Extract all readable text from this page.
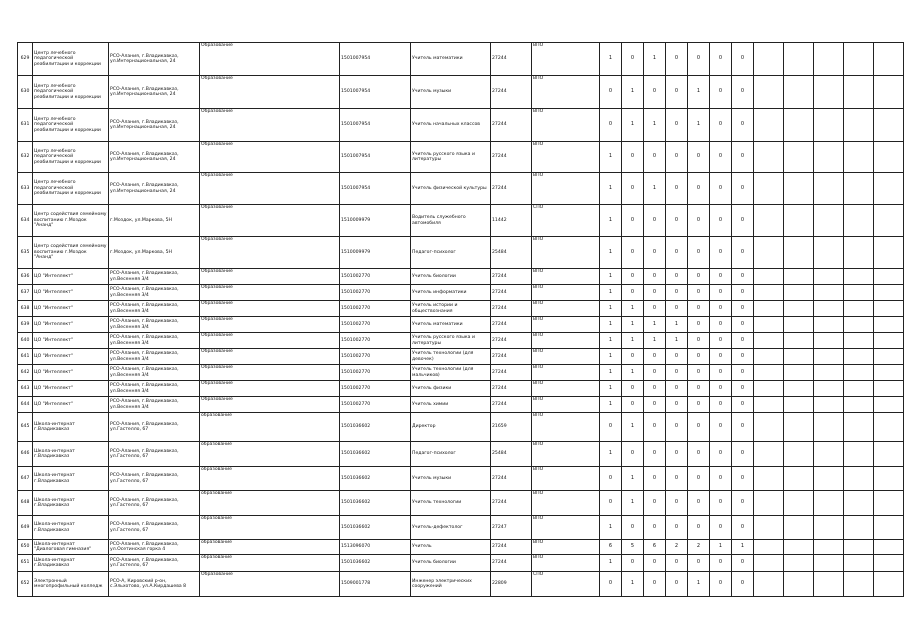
629	Центр лечебного педагогической реабилитации и коррекции	РСО-Алания, г.Владикавказ, ул.Интернациональная, 24	Образование	1501007954	Учитель математики	27244	ВПО	1	0	1	0	0	0	0					
630	Центр лечебного педагогической реабилитации и коррекции	РСО-Алания, г.Владикавказ, ул.Интернациональная, 24	Образование	1501007954	Учитель музыки	27244	ВПО	0	1	0	0	1	0	0					
631	Центр лечебного педагогической реабилитации и коррекции	РСО-Алания, г.Владикавказ, ул.Интернациональная, 24	Образование	1501007954	Учитель начальных классов	27244	ВПО	0	1	1	0	1	0	0					
632	Центр лечебного педагогической реабилитации и коррекции	РСО-Алания, г.Владикавказ, ул.Интернациональная, 24	Образование	1501007954	Учитель русского языка и литературы	27244	ВПО	1	0	0	0	0	0	0					
633	Центр лечебного педагогической реабилитации и коррекции	РСО-Алания, г.Владикавказ, ул.Интернациональная, 24	Образование	1501007954	Учитель физической культуры	27244	ВПО	1	0	1	0	0	0	0					
634	Центр содействия семейному воспитанию г.Моздок "Ананд"	г.Моздок, ул.Маркова, 5Н	Образование	1510009979	Водитель служебного автомобиля	11442	СПО	1	0	0	0	0	0	0					
635	Центр содействия семейному воспитанию г.Моздок "Ананд"	г.Моздок, ул.Маркова, 5Н	Образование	1510009979	Педагог-психолог	25484	ВПО	1	0	0	0	0	0	0					
636	ЦО "Интеллект"	РСО-Алания, г.Владикавказ, ул.Весенняя 3/4	Образование	1501002770	Учитель биологии	27244	ВПО	1	0	0	0	0	0	0					
637	ЦО "Интеллект"	РСО-Алания, г.Владикавказ, ул.Весенняя 3/4	Образование	1501002770	Учитель информатики	27244	ВПО	1	0	0	0	0	0	0					
638	ЦО "Интеллект"	РСО-Алания, г.Владикавказ, ул.Весенняя 3/4	Образование	1501002770	Учитель истории и обществознания	27244	ВПО	1	1	0	0	0	0	0					
639	ЦО "Интеллект"	РСО-Алания, г.Владикавказ, ул.Весенняя 3/4	Образование	1501002770	Учитель математики	27244	ВПО	1	1	1	1	0	0	0					
640	ЦО "Интеллект"	РСО-Алания, г.Владикавказ, ул.Весенняя 3/4	Образование	1501002770	Учитель русского языка и литературы	27244	ВПО	1	1	1	1	0	0	0					
641	ЦО "Интеллект"	РСО-Алания, г.Владикавказ, ул.Весенняя 3/4	Образование	1501002770	Учитель технологии (для девочек)	27244	ВПО	1	0	0	0	0	0	0					
642	ЦО "Интеллект"	РСО-Алания, г.Владикавказ, ул.Весенняя 3/4	Образование	1501002770	Учитель технологии (для мальчиков)	27244	ВПО	1	1	0	0	0	0	0					
643	ЦО "Интеллект"	РСО-Алания, г.Владикавказ, ул.Весенняя 3/4	Образование	1501002770	Учитель физики	27244	ВПО	1	0	0	0	0	0	0					
644	ЦО "Интеллект"	РСО-Алания, г.Владикавказ, ул.Весенняя 3/4	Образование	1501002770	Учитель химии	27244	ВПО	1	0	0	0	0	0	0					
645	Школа-интернат г.Владикавказ	РСО-Алания, г.Владикавказ, ул.Гастелло, 67	образование	1501036602	Директор	21659	ВПО	0	1	0	0	0	0	0					
646	Школа-интернат г.Владикавказ	РСО-Алания, г.Владикавказ, ул.Гастелло, 67	образование	1501036602	Педагог-психолог	25484	ВПО	1	0	0	0	0	0	0					
647	Школа-интернат г.Владикавказ	РСО-Алания, г.Владикавказ, ул.Гастелло, 67	образование	1501036602	Учитель музыки	27244	ВПО	0	1	0	0	0	0	0					
648	Школа-интернат г.Владикавказ	РСО-Алания, г.Владикавказ, ул.Гастелло, 67	образование	1501036602	Учитель технологии	27244	ВПО	0	1	0	0	0	0	0					
649	Школа-интернат г.Владикавказ	РСО-Алания, г.Владикавказ, ул.Гастелло, 67	образование	1501036602	Учитель-дефектолог	27247	ВПО	1	0	0	0	0	0	0					
650	Школа-интернат "Диалоговая гимназия"	РСО-Алания, г.Владикавказ, ул.Осетинская горка 4	образование	1513096070	Учитель	27244	ВПО	6	5	6	2	2	1	1					
651	Школа-интернат г.Владикавказ	РСО-Алания, г.Владикавказ, ул.Гастелло, 67	образование	1501036602	Учитель биологии	27244	ВПО	1	0	0	0	0	0	0					
652	Электронный многопрофильный колледж	РСО-А, Кировский р-он, с.Эльхотово, ул.А.Кирдашева 8	Образование	1509001778	Инженер электрических сооружений	22809	СПО	0	1	0	0	1	0	0					
